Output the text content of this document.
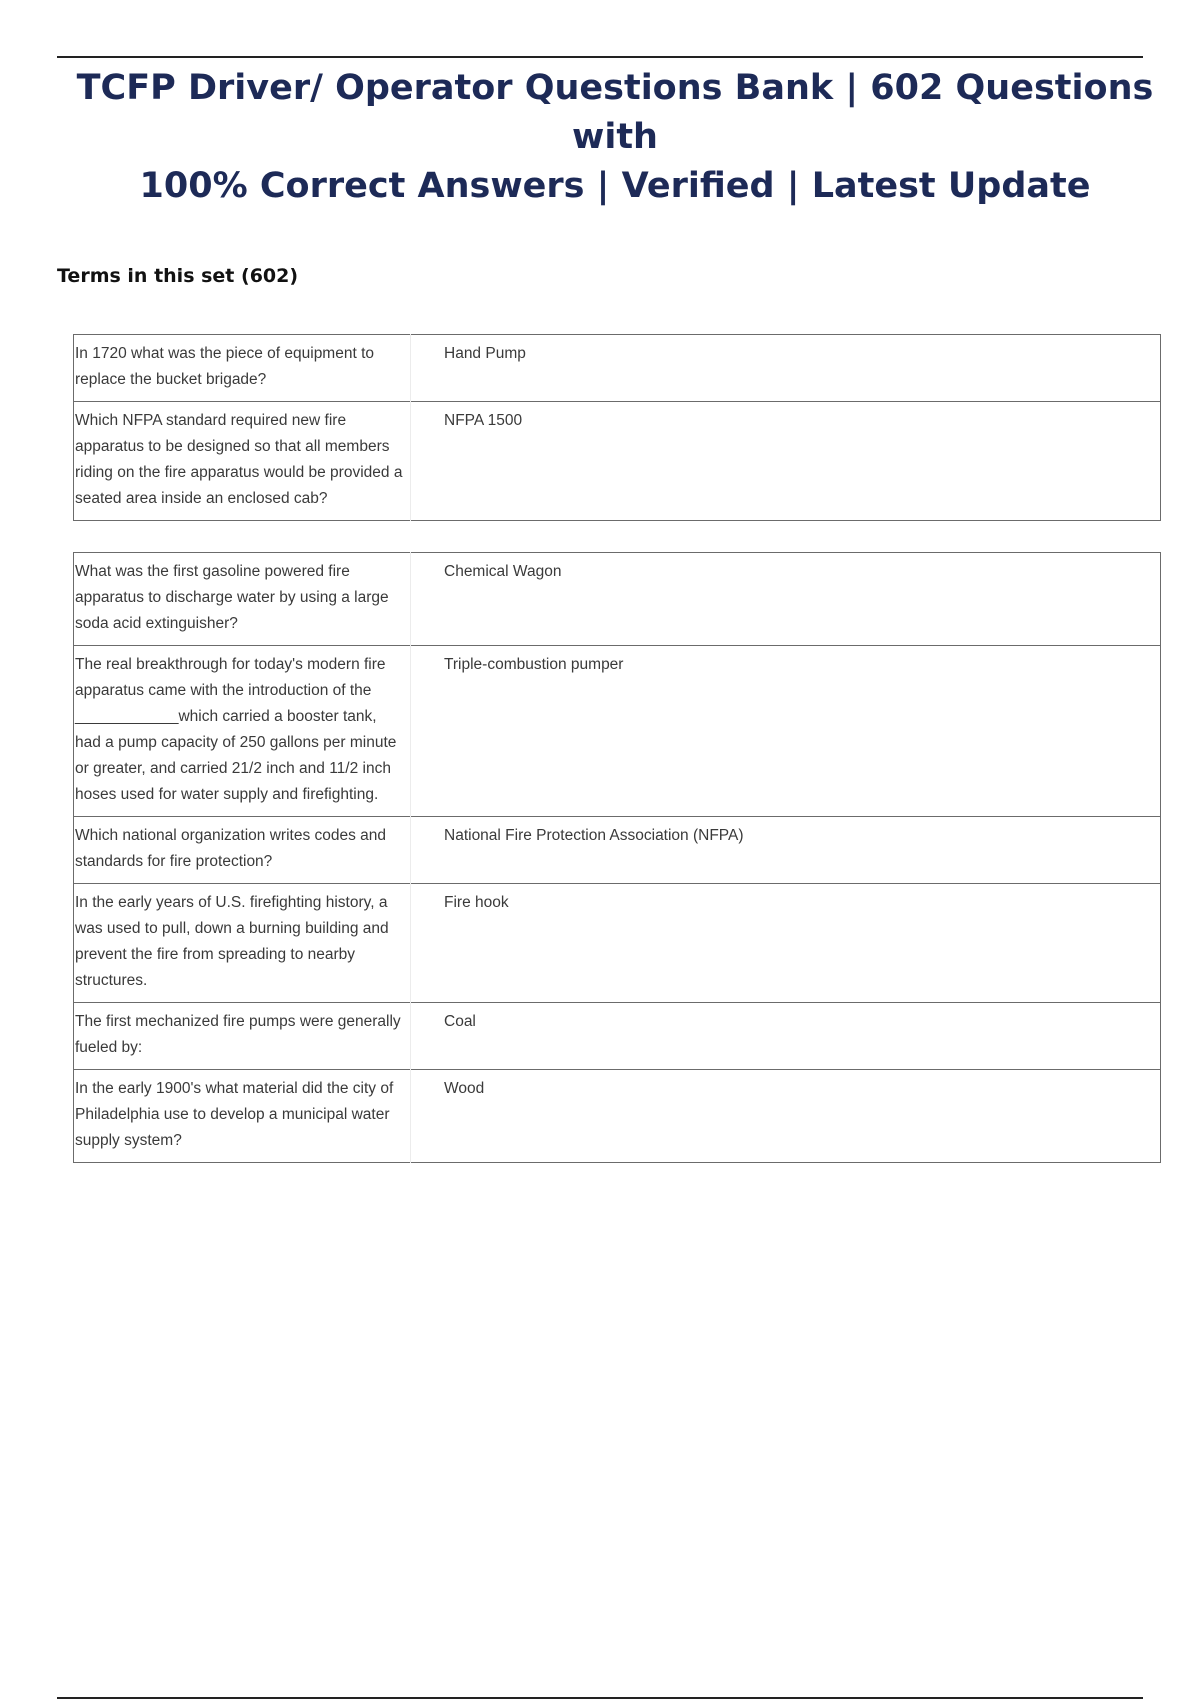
TCFP Driver/ Operator Questions Bank | 602 Questions with
100% Correct Answers | Verified | Latest Update
Terms in this set (602)
In 1720 what was the piece of equipment to replace the bucket brigade?	Hand Pump
Which NFPA standard required new fire apparatus to be designed so that all members riding on the fire apparatus would be provided a seated area inside an enclosed cab?	NFPA 1500
What was the first gasoline powered fire apparatus to discharge water by using a large soda acid extinguisher?	Chemical Wagon
The real breakthrough for today's modern fire apparatus came with the introduction of the ____________which carried a booster tank, had a pump capacity of 250 gallons per minute or greater, and carried 21/2 inch and 11/2 inch hoses used for water supply and firefighting.	Triple-combustion pumper
Which national organization writes codes and standards for fire protection?	National Fire Protection Association (NFPA)
In the early years of U.S. firefighting history, a was used to pull, down a burning building and prevent the fire from spreading to nearby structures.	Fire hook
The first mechanized fire pumps were generally fueled by:	Coal
In the early 1900's what material did the city of Philadelphia use to develop a municipal water supply system?	Wood
